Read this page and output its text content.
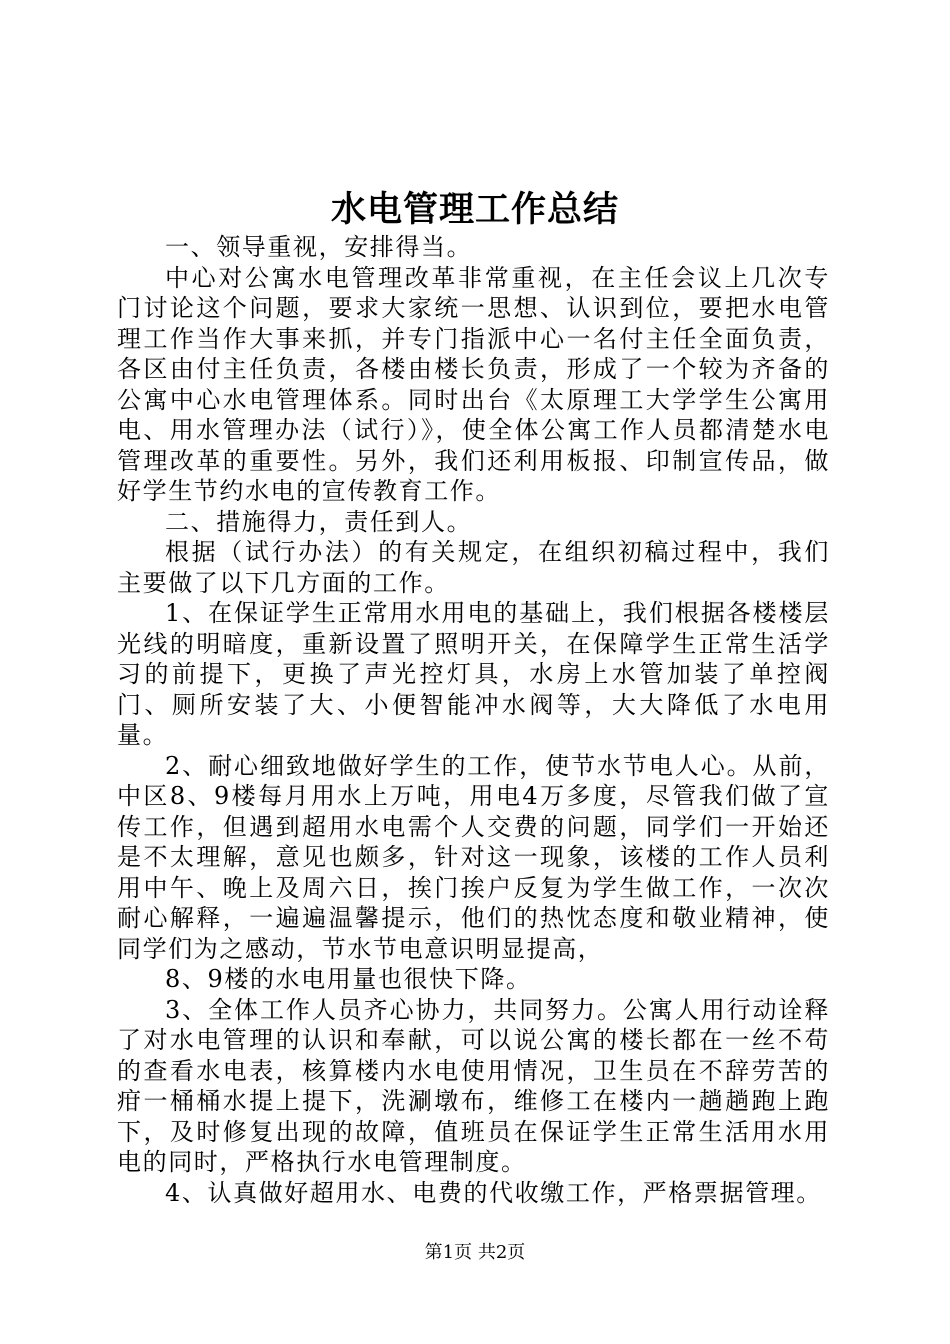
水电管理工作总结

一、领导重视，安排得当。

中心对公寓水电管理改革非常重视，在主任会议上几次专门讨论这个问题，要求大家统一思想、认识到位，要把水电管理工作当作大事来抓，并专门指派中心一名付主任全面负责，各区由付主任负责，各楼由楼长负责，形成了一个较为齐备的公寓中心水电管理体系。同时出台《太原理工大学学生公寓用电、用水管理办法（试行）》，使全体公寓工作人员都清楚水电管理改革的重要性。另外，我们还利用板报、印制宣传品，做好学生节约水电的宣传教育工作。

二、措施得力，责任到人。

根据（试行办法）的有关规定，在组织初稿过程中，我们主要做了以下几方面的工作。

1、在保证学生正常用水用电的基础上，我们根据各楼楼层光线的明暗度，重新设置了照明开关，在保障学生正常生活学习的前提下，更换了声光控灯具，水房上水管加装了单控阀门、厕所安装了大、小便智能冲水阀等，大大降低了水电用量。

2、耐心细致地做好学生的工作，使节水节电人心。从前，中区8、9楼每月用水上万吨，用电4万多度，尽管我们做了宣传工作，但遇到超用水电需个人交费的问题，同学们一开始还是不太理解，意见也颇多，针对这一现象，该楼的工作人员利用中午、晚上及周六日，挨门挨户反复为学生做工作，一次次耐心解释，一遍遍温馨提示，他们的热忱态度和敬业精神，使同学们为之感动，节水节电意识明显提高，

8、9楼的水电用量也很快下降。

3、全体工作人员齐心协力，共同努力。公寓人用行动诠释了对水电管理的认识和奉献，可以说公寓的楼长都在一丝不苟的查看水电表，核算楼内水电使用情况，卫生员在不辞劳苦的疳一桶桶水提上提下，洗涮墩布，维修工在楼内一趟趟跑上跑下，及时修复出现的故障，值班员在保证学生正常生活用水用电的同时，严格执行水电管理制度。

4、认真做好超用水、电费的代收缴工作，严格票据管理。

第1页 共2页
